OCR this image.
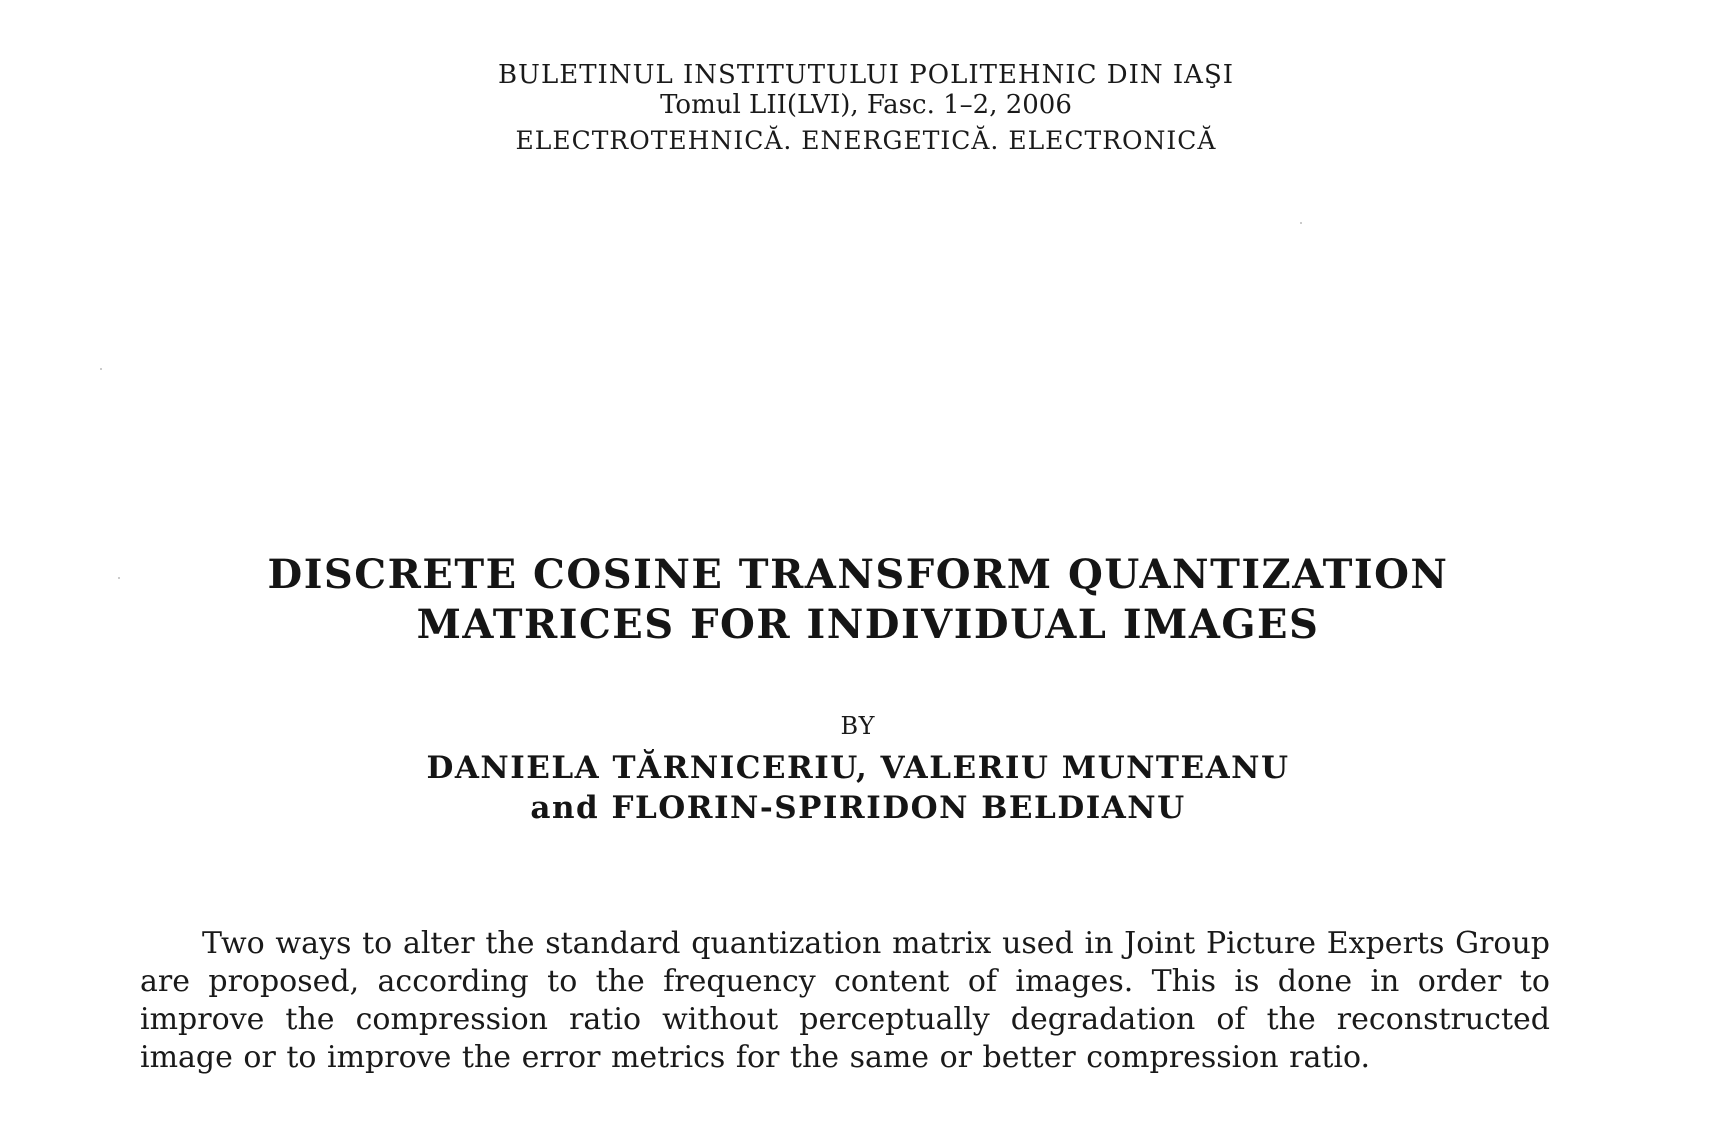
BULETINUL INSTITUTULUI POLITEHNIC DIN IAŞI
Tomul LII(LVI), Fasc. 1–2, 2006
ELECTROTEHNICĂ. ENERGETICĂ. ELECTRONICĂ
DISCRETE COSINE TRANSFORM QUANTIZATION
MATRICES FOR INDIVIDUAL IMAGES
BY
DANIELA TĂRNICERIU, VALERIU MUNTEANU
and FLORIN-SPIRIDON BELDIANU
Two ways to alter the standard quantization matrix used in Joint Picture Experts Group are proposed, according to the frequency content of images. This is done in order to improve the compression ratio without perceptually degradation of the reconstructed image or to improve the error metrics for the same or better compression ratio.
